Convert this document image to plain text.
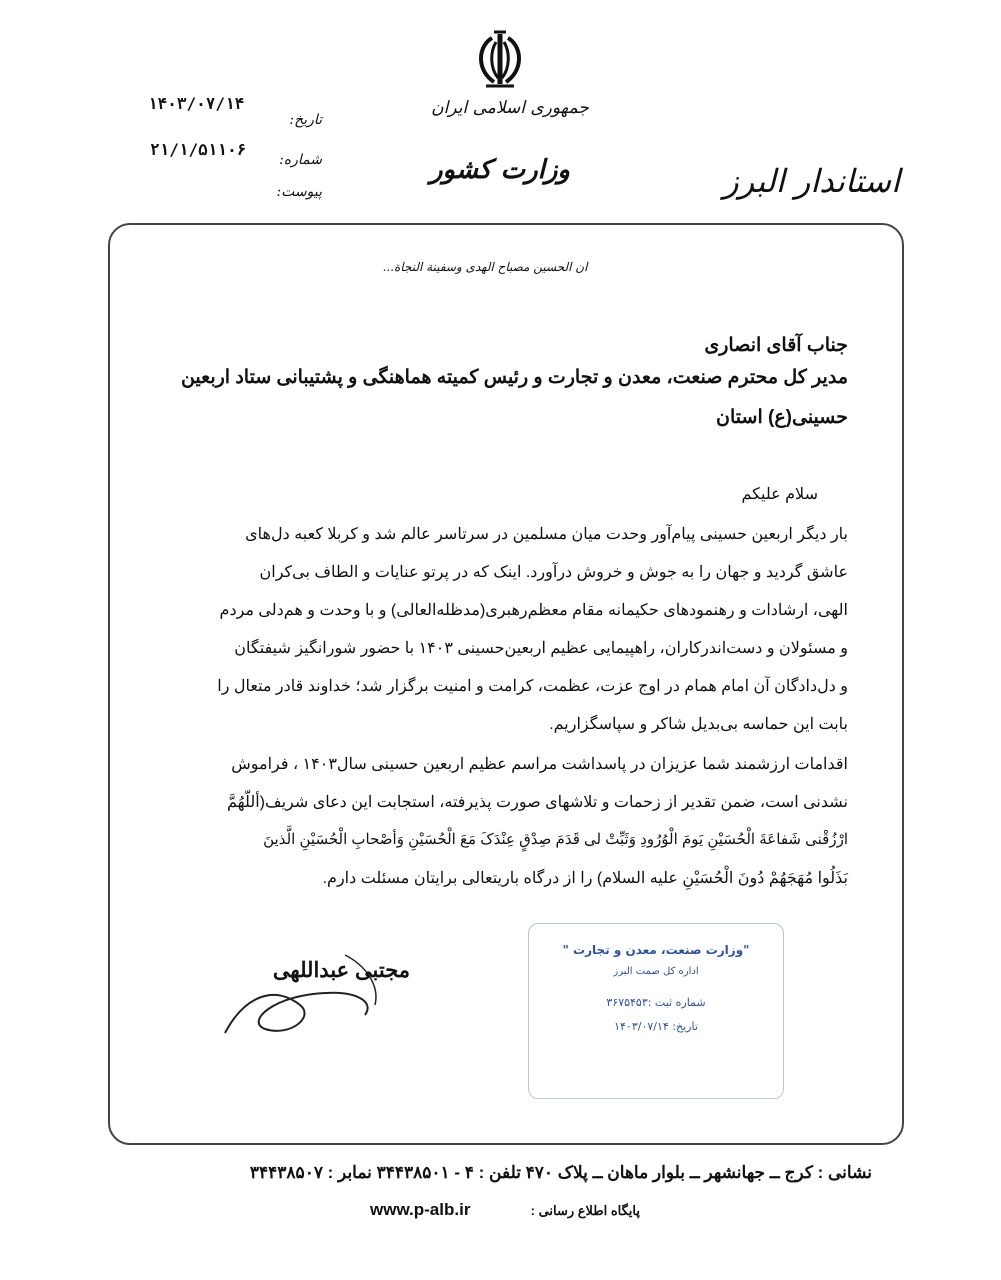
جمهوری اسلامی ایران
وزارت کشور	استاندار البرز
۱۴۰۳/۰۷/۱۴
۲۱/۱/۵۱۱۰۶
تاریخ:
شماره:
پیوست:
ان الحسین مصباح الهدی وسفینة النجاة...
جناب آقای انصاری
مدیر کل محترم صنعت، معدن و تجارت و رئیس کمیته هماهنگی و پشتیبانی ستاد اربعین
حسینی(ع) استان
سلام علیکم
بار دیگر اربعین حسینی پیام‌آور وحدت میان مسلمین در سرتاسر عالم شد و کربلا کعبه دل‌های
عاشق گردید و جهان را به جوش و خروش درآورد. اینک که در پرتو عنایات و الطاف بی‌کران
الهی، ارشادات و رهنمودهای حکیمانه مقام معظم‌رهبری(مدظله‌العالی) و با وحدت و هم‌دلی مردم
و مسئولان و دست‌اندرکاران، راهپیمایی عظیم اربعین‌حسینی ۱۴۰۳ با حضور شورانگیز شیفتگان
و دل‌دادگان آن امام همام در اوج عزت، عظمت، کرامت و امنیت برگزار شد؛ خداوند قادر متعال را
بابت این حماسه بی‌بدیل شاکر و سپاسگزاریم.
اقدامات ارزشمند شما عزیزان در پاسداشت مراسم عظیم اربعین حسینی سال۱۴۰۳ ، فراموش
نشدنی است، ضمن تقدیر از زحمات و تلاشهای صورت پذیرفته، استجابت این دعای شریف(أللّهُمَّ
ارْزُقْنی شَفاعَةَ الْحُسَیْنِ یَومَ الْوُرُودِ وَثَبِّتْ لی قَدَمَ صِدْقٍ عِنْدَکَ مَعَ الْحُسَیْنِ وَأصْحابِ الْحُسَیْنِ الَّذینَ
بَذَلُوا مُهَجَهُمْ دُونَ الْحُسَیْنِ علیه السلام) را از درگاه باریتعالی برایتان مسئلت دارم.
مجتبی عبداللهی
"وزارت صنعت، معدن و تجارت "
اداره کل صمت البرز
شماره ثبت :۳۶۷۵۴۵۳
تاریخ: ۱۴۰۳/۰۷/۱۴
نشانی : کرج ــ جهانشهر ــ بلوار ماهان ــ پلاک ۴۷۰ تلفن : ۴ - ۳۴۴۳۸۵۰۱ نمابر : ۳۴۴۳۸۵۰۷
پایگاه اطلاع رسانی :
www.p-alb.ir
